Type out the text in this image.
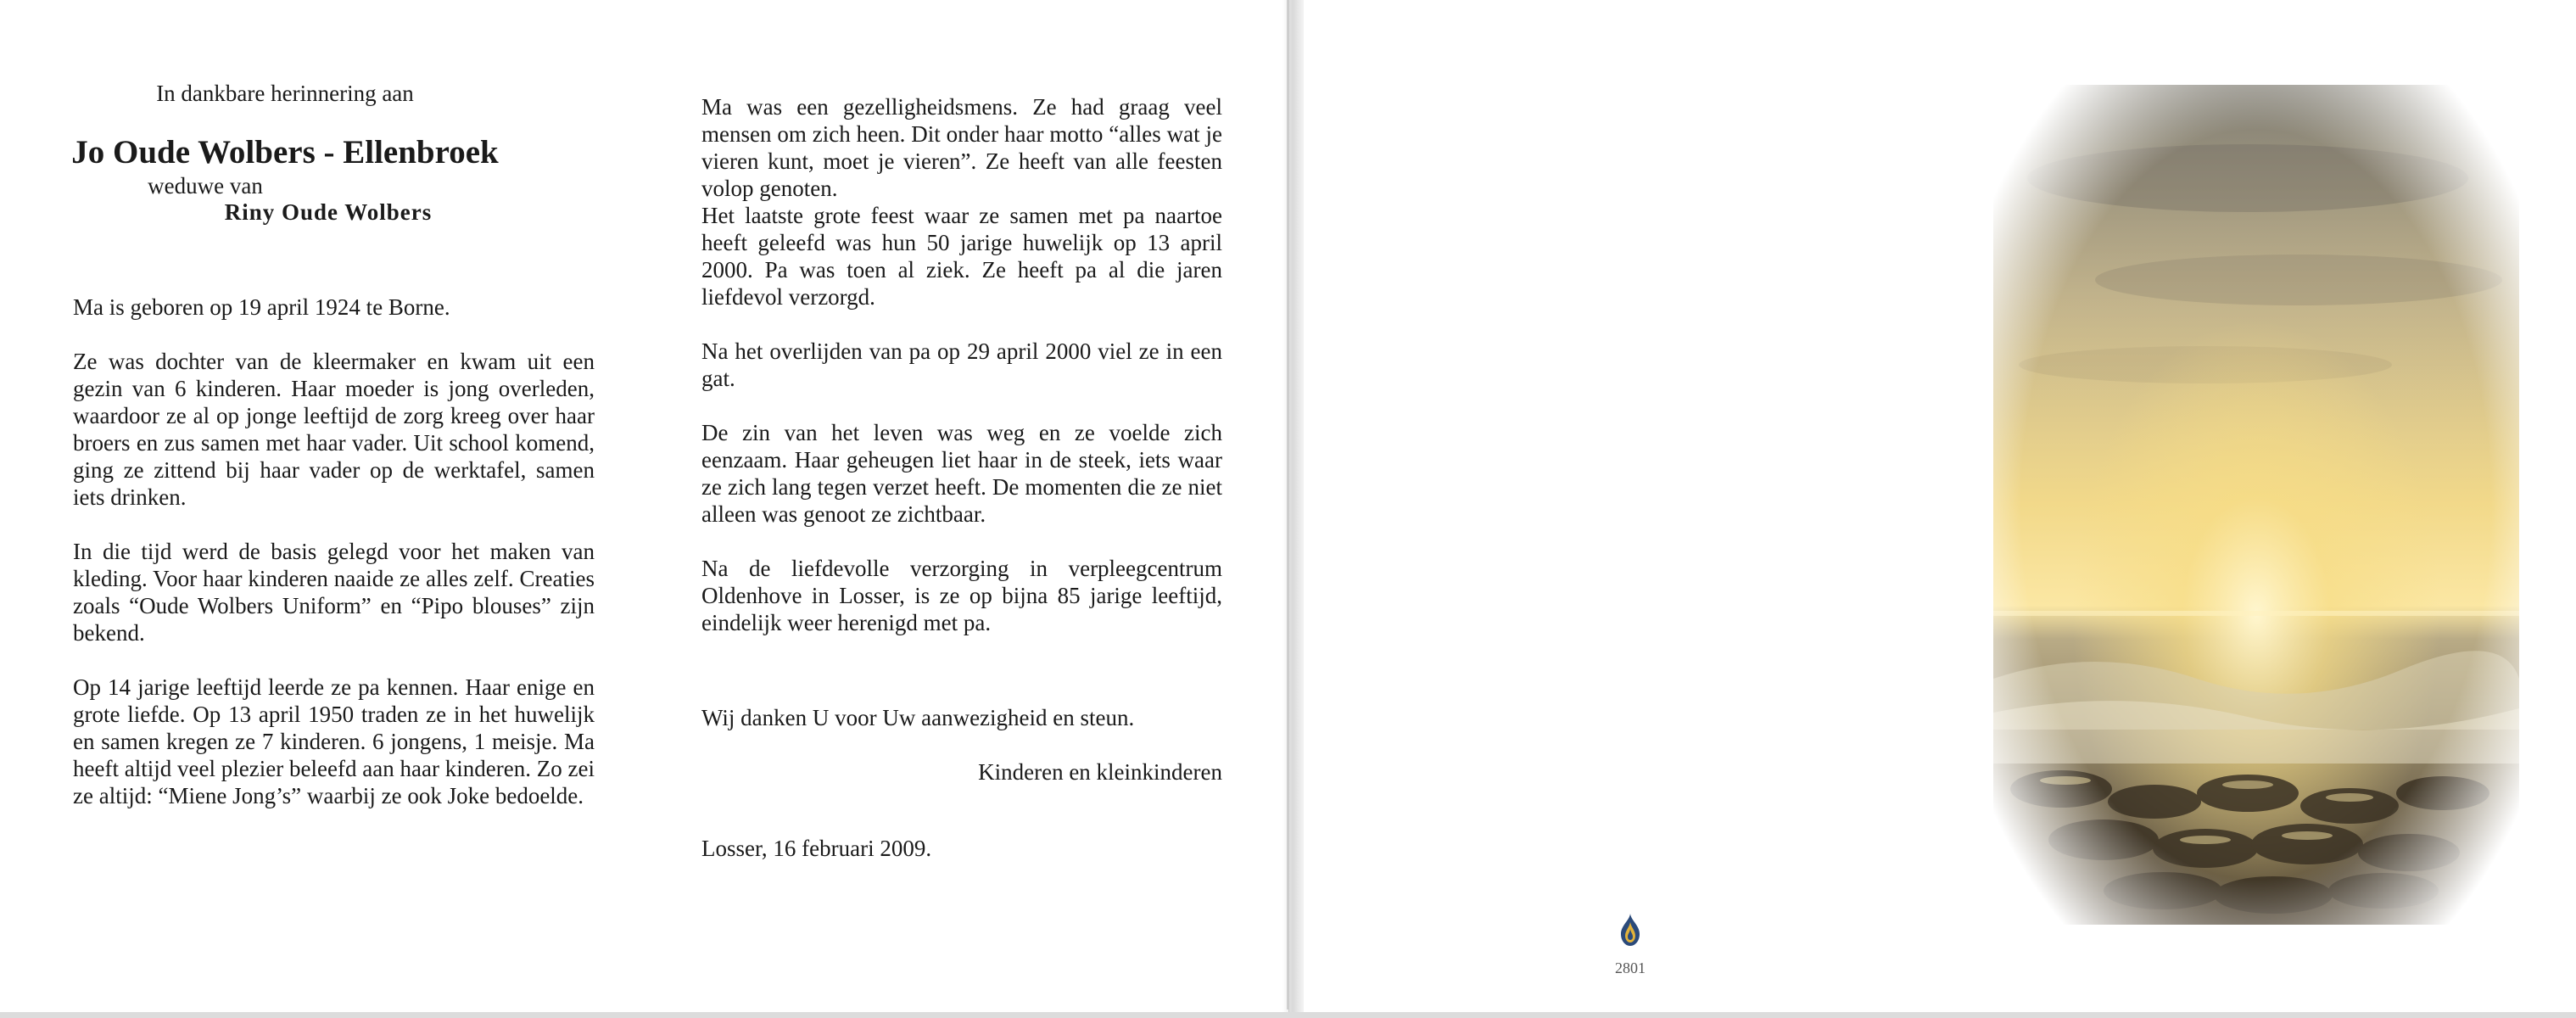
In dankbare herinnering aan
Jo Oude Wolbers - Ellenbroek
weduwe van
Riny Oude Wolbers

Ma is geboren op 19 april 1924 te Borne.

Ze was dochter van de kleermaker en kwam uit een gezin van 6 kinderen. Haar moeder is jong overleden, waardoor ze al op jonge leeftijd de zorg kreeg over haar broers en zus samen met haar vader. Uit school komend, ging ze zittend bij haar vader op de werktafel, samen iets drinken.

In die tijd werd de basis gelegd voor het maken van kleding. Voor haar kinderen naaide ze alles zelf. Creaties zoals “Oude Wolbers Uniform” en “Pipo blouses” zijn bekend.

Op 14 jarige leeftijd leerde ze pa kennen. Haar enige en grote liefde. Op 13 april 1950 traden ze in het huwelijk en samen kregen ze 7 kinderen. 6 jongens, 1 meisje. Ma heeft altijd veel plezier beleefd aan haar kinderen. Zo zei ze altijd: “Miene Jong’s” waarbij ze ook Joke bedoelde.

Ma was een gezelligheidsmens. Ze had graag veel mensen om zich heen. Dit onder haar motto “alles wat je vieren kunt, moet je vieren”. Ze heeft van alle feesten volop genoten.

Het laatste grote feest waar ze samen met pa naartoe heeft geleefd was hun 50 jarige huwelijk op 13 april 2000. Pa was toen al ziek. Ze heeft pa al die jaren liefdevol verzorgd.

Na het overlijden van pa op 29 april 2000 viel ze in een gat.

De zin van het leven was weg en ze voelde zich eenzaam. Haar geheugen liet haar in de steek, iets waar ze zich lang tegen verzet heeft. De momenten die ze niet alleen was genoot ze zichtbaar.

Na de liefdevolle verzorging in verpleegcentrum Oldenhove in Losser, is ze op bijna 85 jarige leeftijd, eindelijk weer herenigd met pa.

Wij danken U voor Uw aanwezigheid en steun.

Kinderen en kleinkinderen

Losser, 16 februari 2009.

2801
